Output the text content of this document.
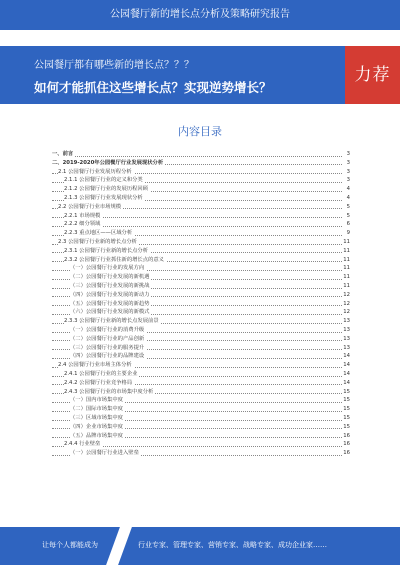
公园餐厅新的增长点分析及策略研究报告
公园餐厅都有哪些新的增长点？？？
如何才能抓住这些增长点？实现逆势增长？
力荐
内容目录
一、前言	3
二、2019-2020年公园餐厅行业发展现状分析	3
2.1 公园餐厅行业发展历程分析	3
2.1.1 公园餐厅行业的定义和分类	3
2.1.2 公园餐厅行业的发展历程回顾	4
2.1.3 公园餐厅行业发展现状分析	4
2.2 公园餐厅行业市场规模	5
2.2.1 市场规模	5
2.2.2 细分领域	6
2.2.3 重点地区——区域分析	9
2.3 公园餐厅行业新的增长点分析	11
2.3.1 公园餐厅行业新的增长点分析	11
2.3.2 公园餐厅行业抓住新的增长点的意义	11
（一）公园餐厅行业的发展方向	11
（二）公园餐厅行业发展的新机遇	11
（三）公园餐厅行业发展的新挑战	11
（四）公园餐厅行业发展的新动力	12
（五）公园餐厅行业发展的新趋势	12
（六）公园餐厅行业发展的新模式	12
2.3.3 公园餐厅行业新的增长点发展前景	13
（一）公园餐厅行业的消费升级	13
（二）公园餐厅行业的产品创新	13
（三）公园餐厅行业的服务提升	13
（四）公园餐厅行业的品牌建设	14
2.4 公园餐厅行业市场主体分析	14
2.4.1 公园餐厅行业的主要企业	14
2.4.2 公园餐厅行业竞争格局	14
2.4.3 公园餐厅行业的市场集中度分析	15
（一）国内市场集中度	15
（二）国际市场集中度	15
（三）区域市场集中度	15
（四）企业市场集中度	15
（五）品牌市场集中度	16
2.4.4 行业壁垒	16
（一）公园餐厅行业进入壁垒	16
让每个人都能成为	行业专家、管理专家、营销专家、战略专家、成功企业家……
